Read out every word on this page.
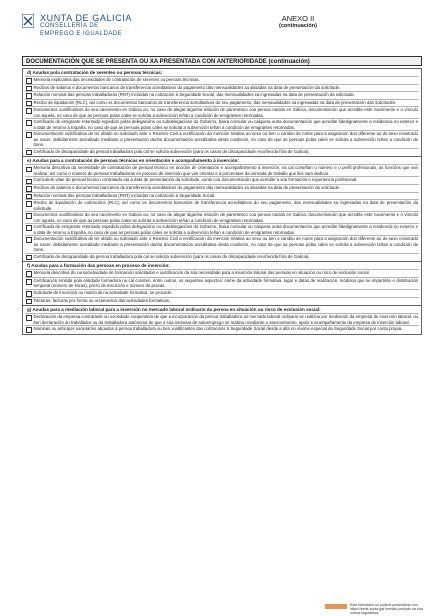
XUNTA DE GALICIA
CONSELLERÍA DE
EMPREGO E IGUALDADE
ANEXO II
(continuación)
DOCUMENTACIÓN QUE SE PRESENTA OU XA PRESENTADA CON ANTERIORIDADE (continuación)
d) Axudas pola contratación de xerentes ou persoas técnicas:
Memoria explicativa das necesidades de contratación de xerentes ou persoas técnicas.
Recibos de salarios e documentos bancarios de transferencia acreditativos do pagamento das mensualidades xa aboadas na data de presentación da solicitude.
Relación nominal das persoas traballadoras (RNT) incluídas na cotización á Seguridade Social, das mensualidades xa ingresadas na data de presentación da solicitude.
Recibo de liquidación (RLC), así como os documentos bancarios de transferencia acreditativos do seu pagamento, das mensualidades xa ingresadas na data de presentación das solicitudes.
Documentos xustificativos do seu nacemento en Galicia ou, no caso de alegar algunha relación de parentesco coa persoa nacida en Galicia, documentación que acredite este nacemento e o vínculo con aquela, no caso de que as persoas polas cales se solicita a subvención teñan a condición de emigrantes retornadas.
Certificado de emigrante retornado expedido polas delegacións ou subdelegacións do Goberno, baixa consular ou calquera outra documentación que acredite fidedignamente a residencia no exterior e a data de retorno a España, no caso de que as persoas polas cales se solicita a subvención teñan a condición de emigrantes retornadas.
Documentación xustificativa de ter obtido ou solicitado ante o Rexistro Civil a rectificación da mención relativa ao sexo ou ben o cambio de nome para a asignación dun diferente ao do sexo rexistrado ao nacer, debidamente acreditado mediante a presentación dunha documentación acreditativa desta condición, no caso de que as persoas polas cales se solicita a subvención teñan a condición de trans.
Certificado de discapacidade da persoa traballadora pola cal se solicita subvención (para os casos de discapacidade recoñecida fóra de Galicia).
e) Axudas para a contratación de persoas técnicas en orientación e acompañamento á inserción:
Memoria descritiva da necesidade de contratación de persoal técnico en accións de orientación e acompañamento á inserción, na cal conteñan o número e o perfil profesionais, as funcións que van realizar, así como o número de persoas traballadoras en proceso de inserción que van orientar e a porcentaxe da xornada de traballo que lles vam dedicar.
Curriculum vitae do persoal técnico contratado ata a data de presentación da solicitude, xunto coa documentación que acredite a súa formación e experiencia profesional.
Recibos de salarios e documentos bancarios de transferencia acreditativos do pagamento das mensualidades xa aboadas na data de presentación da solicitude.
Relación nominal das persoas traballadoras (RNT) incluídas na cotización á Seguridade Social.
Recibo de liquidación de cotizacións (RLC), así como os documentos bancarios de transferencia acreditativos do seu pagamento, das mensualidades xa ingresadas na data de presentación da solicitude.
Documentos xustificativos do seu nacemento en Galicia ou, no caso de alegar algunha relación de parentesco coa persoa nacida en Galicia, documentación que acredite este nacemento e o vínculo con aquela, no caso de que as persoas polas cales se solicita a subvención teñan a condición de emigrantes retornadas.
Certificado de emigrante retornado expedido polas delegacións ou subdelegacións do Goberno, baixa consular ou calquera outra documentación que acredite fidedignamente a residencia no exterior e a data de retorno a España, no caso de que as persoas polas cales se solicita a subvención teñan a condición de emigrantes retornadas.
Documentación xustificativa de ter obtido ou solicitado ante o Rexistro Civil a rectificación da mención relativa ao sexo ou ben o cambio de nome para a asignación dun diferente ao do sexo rexistrado ao nacer, debidamente acreditado mediante a presentación dunha documentación acreditativa desta condición, no caso de que as persoas polas cales se solicita a subvención teñan a condición de trans.
Certificado de discapacidade da persoa traballadora pola cal se solicita subvención (para os casos de discapacidade recoñecida fóra de Galicia).
f) Axudas para a formación das persoas en proceso de inserción:
Memoria descritiva do curso/actividade de formación solicitados e xustificación da súa necesidade para a inserción laboral das persoas en situación ou risco de exclusión social.
Certificación emitida pola entidade formadora na cal consten, entre outros, os seguintes aspectos: nome da actividade formativa, lugar e datas de realización, módulos que se impartirán e distribución temporal (número de horas), prezo de inscrición e número de prazas.
Solicitude de inscrición ou matrícula na actividade formativa, se procede.
Facturas, facturas pro forma ou orzamentos das actividades formativas.
g) Axudas para a mediación laboral para a inserción no mercado laboral ordinario da persoa en situación ou risco de exclusión social:
Declaración da empresa contratante ou sociedade cooperativa de que a incorporación da persoa traballadora ao mercado laboral ordinario se realizou por mediación da empresa de inserción laboral, ou ben declaración do traballador ou da traballadora autónoma de que a súa iniciativa de autoemprego se realizou mediante o asesoramento, apoio e acompañamento da empresa de inserción laboral.
Nóminas ou anticipos societarios aboados á persoa traballadora ou ben xustificantes das cotizacións á Seguridade Social desde a alta no réxime especial da Seguridade Social por conta propia.
Este formulario só poderá presentarse nun
https://sede.xunta.gal formato previsto na súa norma reguladora.
